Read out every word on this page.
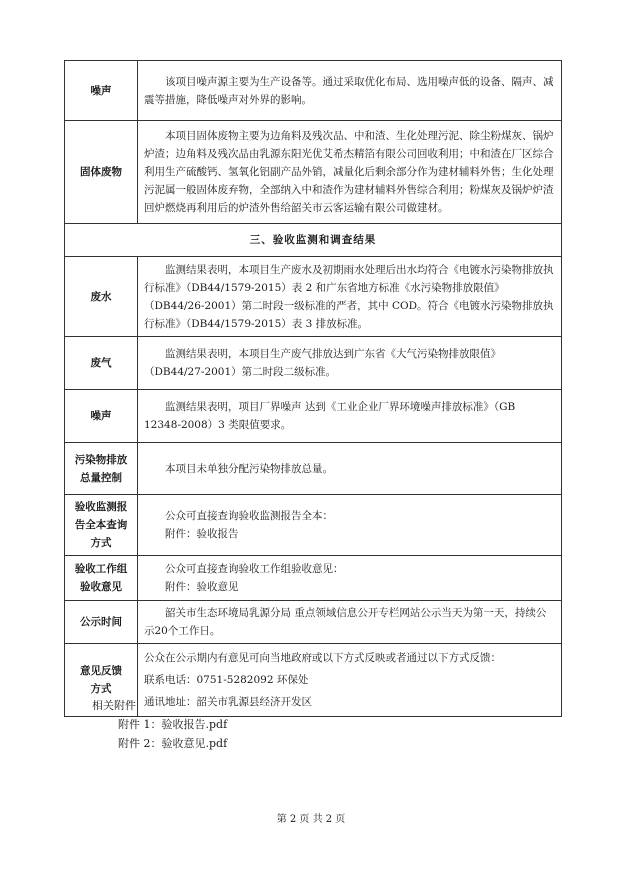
噪声	该项目噪声源主要为生产设备等。通过采取优化布局、选用噪声低的设备、隔声、减震等措施，降低噪声对外界的影响。
固体废物	本项目固体废物主要为边角料及残次品、中和渣、生化处理污泥、除尘粉煤灰、锅炉炉渣；边角料及残次品由乳源东阳光优艾希杰精箔有限公司回收利用；中和渣在厂区综合利用生产硫酸钙、氢氧化铝副产品外销，减量化后剩余部分作为建材辅料外售；生化处理污泥属一般固体废弃物，全部纳入中和渣作为建材辅料外售综合利用；粉煤灰及锅炉炉渣回炉燃烧再利用后的炉渣外售给韶关市云客运输有限公司做建材。
三、验收监测和调查结果	
废水	监测结果表明，本项目生产废水及初期雨水处理后出水均符合《电镀水污染物排放执行标准》（DB44/1579-2015）表 2 和广东省地方标准《水污染物排放限值》（DB44/26-2001）第二时段一级标准的严者，其中 COD。符合《电镀水污染物排放执行标准》（DB44/1579-2015）表 3 排放标准。
废气	监测结果表明，本项目生产废气排放达到广东省《大气污染物排放限值》（DB44/27-2001）第二时段二级标准。
噪声	监测结果表明，项目厂界噪声 达到《工业企业厂界环境噪声排放标准》（GB 12348-2008）3 类限值要求。

污染物排放
总量控制	本项目未单独分配污染物排放总量。

验收监测报
告全本查询
方式	公众可直接查询验收监测报告全本：
附件：验收报告

验收工作组
验收意见	公众可直接查询验收工作组验收意见：
附件：验收意见

公示时间	韶关市生态环境局乳源分局 重点领域信息公开专栏网站公示当天为第一天，持续公示20个工作日。

意见反馈
方式	公众在公示期内有意见可向当地政府或以下方式反映或者通过以下方式反馈：
联系电话：0751-5282092 环保处
通讯地址：韶关市乳源县经济开发区
相关附件
附件 1：验收报告.pdf
附件 2：验收意见.pdf
第 2 页 共 2 页
